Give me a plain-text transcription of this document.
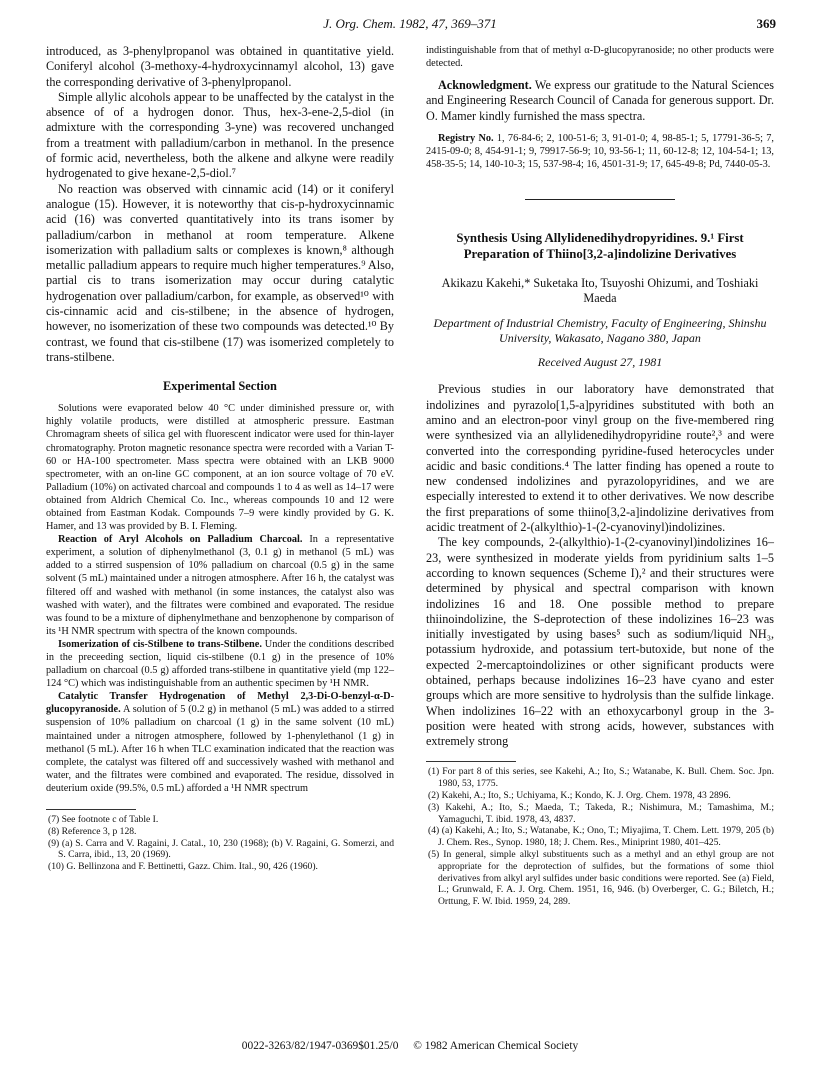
J. Org. Chem. 1982, 47, 369–371	369

introduced, as 3-phenylpropanol was obtained in quantitative yield. Coniferyl alcohol (3-methoxy-4-hydroxycinnamyl alcohol, 13) gave the corresponding derivative of 3-phenylpropanol.

Simple allylic alcohols appear to be unaffected by the catalyst in the absence of of a hydrogen donor. Thus, hex-3-ene-2,5-diol (in admixture with the corresponding 3-yne) was recovered unchanged from a treatment with palladium/carbon in methanol. In the presence of formic acid, nevertheless, both the alkene and alkyne were readily hydrogenated to give hexane-2,5-diol.⁷

No reaction was observed with cinnamic acid (14) or it coniferyl analogue (15). However, it is noteworthy that cis-p-hydroxycinnamic acid (16) was converted quantitatively into its trans isomer by palladium/carbon in methanol at room temperature. Alkene isomerization with palladium salts or complexes is known,⁸ although metallic palladium appears to require much higher temperatures.⁹ Also, partial cis to trans isomerization may occur during catalytic hydrogenation over palladium/carbon, for example, as observed¹⁰ with cis-cinnamic acid and cis-stilbene; in the absence of hydrogen, however, no isomerization of these two compounds was detected.¹⁰ By contrast, we found that cis-stilbene (17) was isomerized completely to trans-stilbene.

Experimental Section

Solutions were evaporated below 40 °C under diminished pressure or, with highly volatile products, were distilled at atmospheric pressure. Eastman Chromagram sheets of silica gel with fluorescent indicator were used for thin-layer chromatography. Proton magnetic resonance spectra were recorded with a Varian T-60 or HA-100 spectrometer. Mass spectra were obtained with an LKB 9000 spectrometer, with an on-line GC component, at an ion source voltage of 70 eV. Palladium (10%) on activated charcoal and compounds 1 to 4 as well as 14–17 were obtained from Aldrich Chemical Co. Inc., whereas compounds 10 and 12 were obtained from Eastman Kodak. Compounds 7–9 were kindly provided by G. K. Hamer, and 13 was provided by B. I. Fleming.

Reaction of Aryl Alcohols on Palladium Charcoal. In a representative experiment, a solution of diphenylmethanol (3, 0.1 g) in methanol (5 mL) was added to a stirred suspension of 10% palladium on charcoal (0.5 g) in the same solvent (5 mL) maintained under a nitrogen atmosphere. After 16 h, the catalyst was filtered off and washed with methanol (in some instances, the catalyst also was washed with water), and the filtrates were combined and evaporated. The residue was found to be a mixture of diphenylmethane and benzophenone by comparison of its ¹H NMR spectrum with spectra of the known compounds.

Isomerization of cis-Stilbene to trans-Stilbene. Under the conditions described in the preceeding section, liquid cis-stilbene (0.1 g) in the presence of 10% palladium on charcoal (0.5 g) afforded trans-stilbene in quantitative yield (mp 122–124 °C) which was indistinguishable from an authentic specimen by ¹H NMR.

Catalytic Transfer Hydrogenation of Methyl 2,3-Di-O-benzyl-α-D-glucopyranoside. A solution of 5 (0.2 g) in methanol (5 mL) was added to a stirred suspension of 10% palladium on charcoal (1 g) in the same solvent (10 mL) maintained under a nitrogen atmosphere, followed by 1-phenylethanol (1 g) in methanol (5 mL). After 16 h when TLC examination indicated that the reaction was complete, the catalyst was filtered off and successively washed with methanol and water, and the filtrates were combined and evaporated. The residue, dissolved in deuterium oxide (99.5%, 0.5 mL) afforded a ¹H NMR spectrum

(7) See footnote c of Table I.

(8) Reference 3, p 128.

(9) (a) S. Carra and V. Ragaini, J. Catal., 10, 230 (1968); (b) V. Ragaini, G. Somerzi, and S. Carra, ibid., 13, 20 (1969).

(10) G. Bellinzona and F. Bettinetti, Gazz. Chim. Ital., 90, 426 (1960).

indistinguishable from that of methyl α-D-glucopyranoside; no other products were detected.

Acknowledgment. We express our gratitude to the Natural Sciences and Engineering Research Council of Canada for generous support. Dr. O. Mamer kindly furnished the mass spectra.

Registry No. 1, 76-84-6; 2, 100-51-6; 3, 91-01-0; 4, 98-85-1; 5, 17791-36-5; 7, 2415-09-0; 8, 454-91-1; 9, 79917-56-9; 10, 93-56-1; 11, 60-12-8; 12, 104-54-1; 13, 458-35-5; 14, 140-10-3; 15, 537-98-4; 16, 4501-31-9; 17, 645-49-8; Pd, 7440-05-3.

Synthesis Using Allylidenedihydropyridines. 9.¹ First Preparation of Thiino[3,2-a]indolizine Derivatives

Akikazu Kakehi,* Suketaka Ito, Tsuyoshi Ohizumi, and Toshiaki Maeda

Department of Industrial Chemistry, Faculty of Engineering, Shinshu University, Wakasato, Nagano 380, Japan

Received August 27, 1981

Previous studies in our laboratory have demonstrated that indolizines and pyrazolo[1,5-a]pyridines substituted with both an amino and an electron-poor vinyl group on the five-membered ring were synthesized via an allylidenedihydropyridine route²,³ and were converted into the corresponding pyridine-fused heterocycles under acidic and basic conditions.⁴ The latter finding has opened a route to new condensed indolizines and pyrazolopyridines, and we are especially interested to extend it to other derivatives. We now describe the first preparations of some thiino[3,2-a]indolizine derivatives from acidic treatment of 2-(alkylthio)-1-(2-cyanovinyl)indolizines.

The key compounds, 2-(alkylthio)-1-(2-cyanovinyl)indolizines 16–23, were synthesized in moderate yields from pyridinium salts 1–5 according to known sequences (Scheme I),² and their structures were determined by physical and spectral comparison with known indolizines 16 and 18. One possible method to prepare thiinoindolizine, the S-deprotection of these indolizines 16–23 was initially investigated by using bases⁵ such as sodium/liquid NH₃, potassium hydroxide, and potassium tert-butoxide, but none of the expected 2-mercaptoindolizines or other significant products were obtained, perhaps because indolizines 16–23 have cyano and ester groups which are more sensitive to hydrolysis than the sulfide linkage. When indolizines 16–22 with an ethoxycarbonyl group in the 3-position were heated with strong acids, however, substances with extremely strong

(1) For part 8 of this series, see Kakehi, A.; Ito, S.; Watanabe, K. Bull. Chem. Soc. Jpn. 1980, 53, 1775.

(2) Kakehi, A.; Ito, S.; Uchiyama, K.; Kondo, K. J. Org. Chem. 1978, 43 2896.

(3) Kakehi, A.; Ito, S.; Maeda, T.; Takeda, R.; Nishimura, M.; Tamashima, M.; Yamaguchi, T. ibid. 1978, 43, 4837.

(4) (a) Kakehi, A.; Ito, S.; Watanabe, K.; Ono, T.; Miyajima, T. Chem. Lett. 1979, 205 (b) J. Chem. Res., Synop. 1980, 18; J. Chem. Res., Miniprint 1980, 401–425.

(5) In general, simple alkyl substituents such as a methyl and an ethyl group are not appropriate for the deprotection of sulfides, but the formations of some thiol derivatives from alkyl aryl sulfides under basic conditions were reported. See (a) Field, L.; Grunwald, F. A. J. Org. Chem. 1951, 16, 946. (b) Overberger, C. G.; Biletch, H.; Orttung, F. W. Ibid. 1959, 24, 289.

0022-3263/82/1947-0369$01.25/0 © 1982 American Chemical Society
